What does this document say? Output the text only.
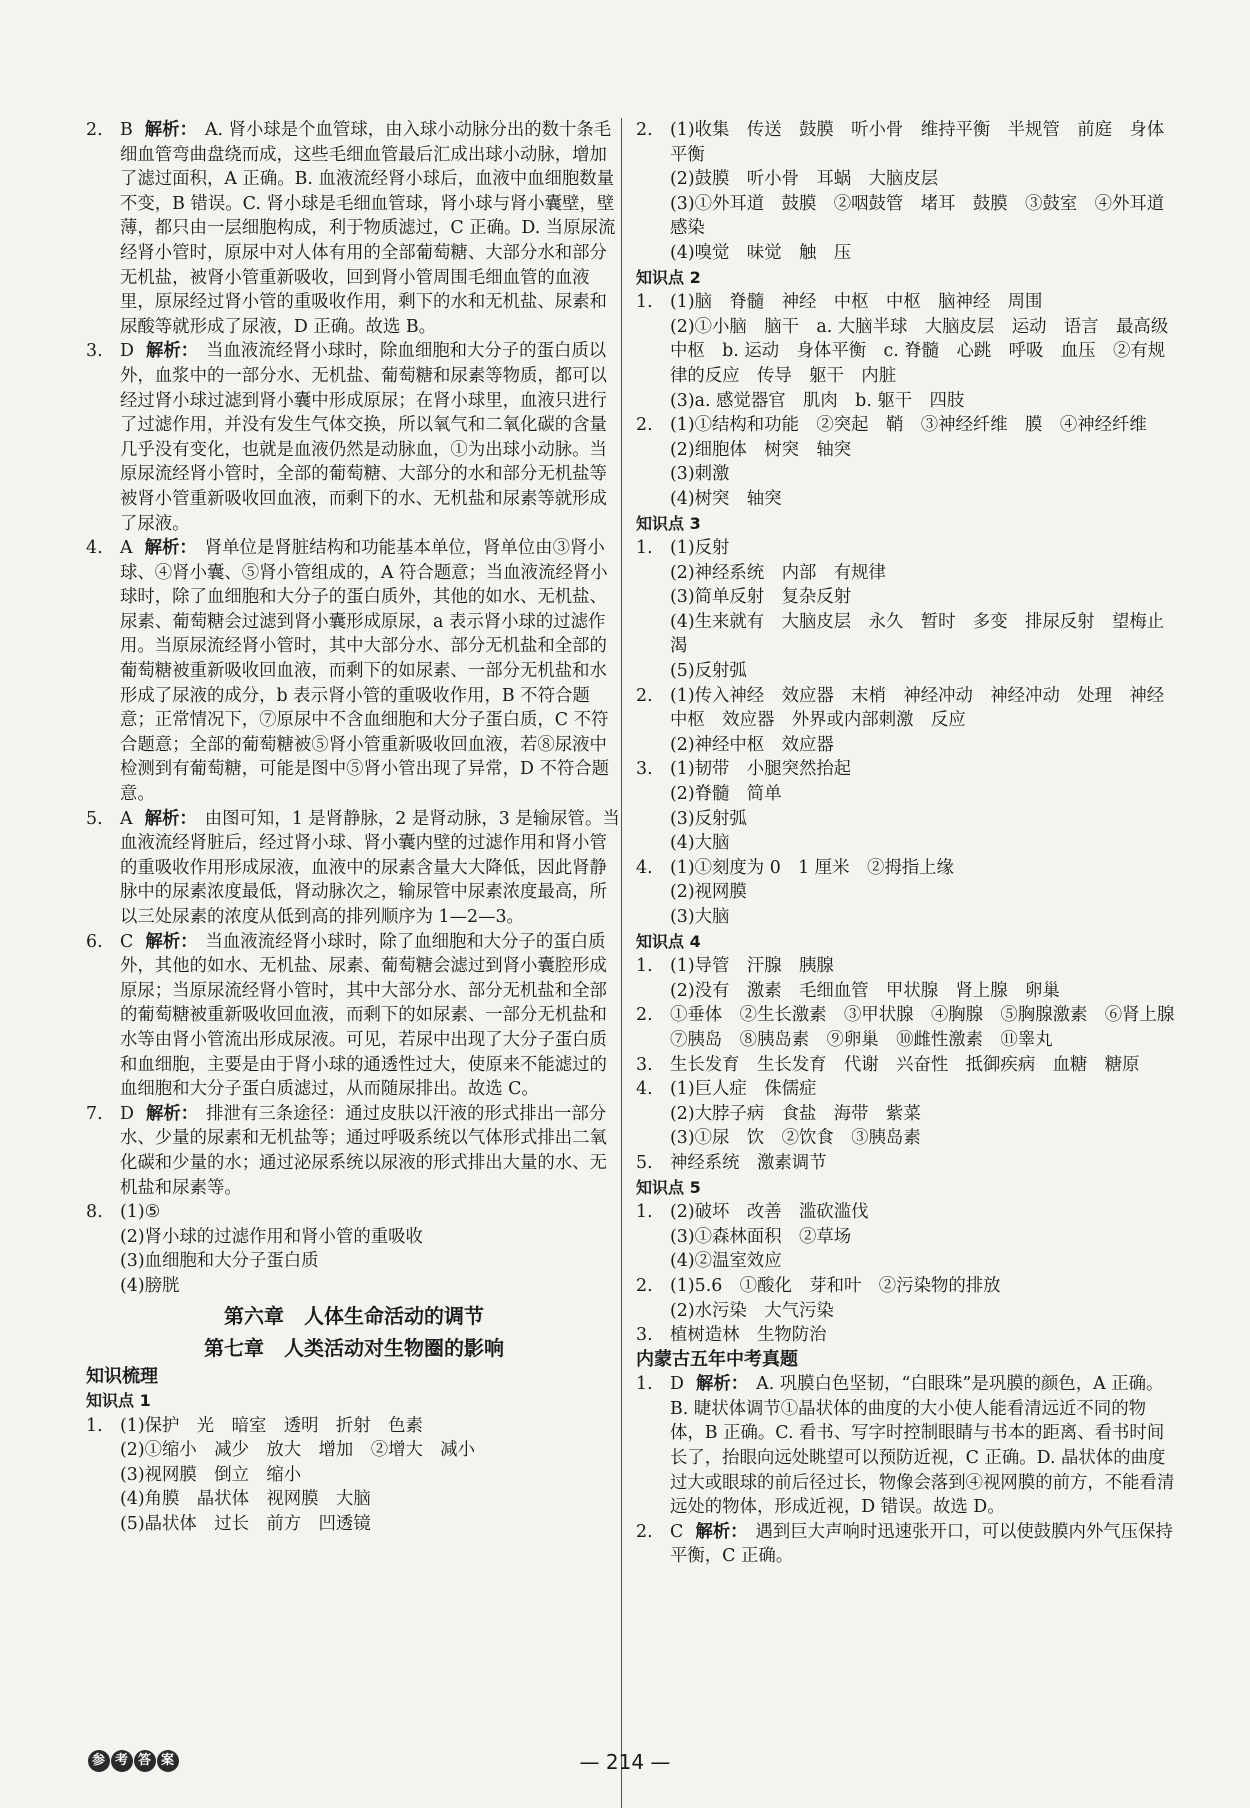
2. B 解析： A. 肾小球是个血管球，由入球小动脉分出的数十条毛细血管弯曲盘绕而成，这些毛细血管最后汇成出球小动脉，增加了滤过面积，A 正确。B. 血液流经肾小球后，血液中血细胞数量不变，B 错误。C. 肾小球是毛细血管球，肾小球与肾小囊壁，壁薄，都只由一层细胞构成，利于物质滤过，C 正确。D. 当原尿流经肾小管时，原尿中对人体有用的全部葡萄糖、大部分水和部分无机盐，被肾小管重新吸收，回到肾小管周围毛细血管的血液里，原尿经过肾小管的重吸收作用，剩下的水和无机盐、尿素和尿酸等就形成了尿液，D 正确。故选 B。

3. D 解析： 当血液流经肾小球时，除血细胞和大分子的蛋白质以外，血浆中的一部分水、无机盐、葡萄糖和尿素等物质，都可以经过肾小球过滤到肾小囊中形成原尿；在肾小球里，血液只进行了过滤作用，并没有发生气体交换，所以氧气和二氧化碳的含量几乎没有变化，也就是血液仍然是动脉血，①为出球小动脉。当原尿流经肾小管时，全部的葡萄糖、大部分的水和部分无机盐等被肾小管重新吸收回血液，而剩下的水、无机盐和尿素等就形成了尿液。

4. A 解析： 肾单位是肾脏结构和功能基本单位，肾单位由③肾小球、④肾小囊、⑤肾小管组成的，A 符合题意；当血液流经肾小球时，除了血细胞和大分子的蛋白质外，其他的如水、无机盐、尿素、葡萄糖会过滤到肾小囊形成原尿，a 表示肾小球的过滤作用。当原尿流经肾小管时，其中大部分水、部分无机盐和全部的葡萄糖被重新吸收回血液，而剩下的如尿素、一部分无机盐和水形成了尿液的成分，b 表示肾小管的重吸收作用，B 不符合题意；正常情况下，⑦原尿中不含血细胞和大分子蛋白质，C 不符合题意；全部的葡萄糖被⑤肾小管重新吸收回血液，若⑧尿液中检测到有葡萄糖，可能是图中⑤肾小管出现了异常，D 不符合题意。

5. A 解析： 由图可知，1 是肾静脉，2 是肾动脉，3 是输尿管。当血液流经肾脏后，经过肾小球、肾小囊内壁的过滤作用和肾小管的重吸收作用形成尿液，血液中的尿素含量大大降低，因此肾静脉中的尿素浓度最低，肾动脉次之，输尿管中尿素浓度最高，所以三处尿素的浓度从低到高的排列顺序为 1—2—3。

6. C 解析： 当血液流经肾小球时，除了血细胞和大分子的蛋白质外，其他的如水、无机盐、尿素、葡萄糖会滤过到肾小囊腔形成原尿；当原尿流经肾小管时，其中大部分水、部分无机盐和全部的葡萄糖被重新吸收回血液，而剩下的如尿素、一部分无机盐和水等由肾小管流出形成尿液。可见，若尿中出现了大分子蛋白质和血细胞，主要是由于肾小球的通透性过大，使原来不能滤过的血细胞和大分子蛋白质滤过，从而随尿排出。故选 C。

7. D 解析： 排泄有三条途径：通过皮肤以汗液的形式排出一部分水、少量的尿素和无机盐等；通过呼吸系统以气体形式排出二氧化碳和少量的水；通过泌尿系统以尿液的形式排出大量的水、无机盐和尿素等。

8. (1)⑤
(2)肾小球的过滤作用和肾小管的重吸收
(3)血细胞和大分子蛋白质
(4)膀胱
第六章　人体生命活动的调节
第七章　人类活动对生物圈的影响

知识梳理

知识点 1

1. (1)保护　光　暗室　透明　折射　色素
(2)①缩小　减少　放大　增加　②增大　减小
(3)视网膜　倒立　缩小
(4)角膜　晶状体　视网膜　大脑
(5)晶状体　过长　前方　凹透镜
2. (1)收集　传送　鼓膜　听小骨　维持平衡　半规管　前庭　身体平衡
(2)鼓膜　听小骨　耳蜗　大脑皮层
(3)①外耳道　鼓膜　②咽鼓管　堵耳　鼓膜　③鼓室　④外耳道感染
(4)嗅觉　味觉　触　压

知识点 2

1. (1)脑　脊髓　神经　中枢　中枢　脑神经　周围
(2)①小脑　脑干　a. 大脑半球　大脑皮层　运动　语言　最高级中枢　b. 运动　身体平衡　c. 脊髓　心跳　呼吸　血压　②有规律的反应　传导　躯干　内脏
(3)a. 感觉器官　肌肉　b. 躯干　四肢
2. (1)①结构和功能　②突起　鞘　③神经纤维　膜　④神经纤维
(2)细胞体　树突　轴突
(3)刺激
(4)树突　轴突

知识点 3

1. (1)反射
(2)神经系统　内部　有规律
(3)简单反射　复杂反射
(4)生来就有　大脑皮层　永久　暂时　多变　排尿反射　望梅止渴
(5)反射弧
2. (1)传入神经　效应器　末梢　神经冲动　神经冲动　处理　神经中枢　效应器　外界或内部刺激　反应
(2)神经中枢　效应器
3. (1)韧带　小腿突然抬起
(2)脊髓　简单
(3)反射弧
(4)大脑
4. (1)①刻度为 0　1 厘米　②拇指上缘
(2)视网膜
(3)大脑

知识点 4

1. (1)导管　汗腺　胰腺
(2)没有　激素　毛细血管　甲状腺　肾上腺　卵巢
2. ①垂体　②生长激素　③甲状腺　④胸腺　⑤胸腺激素　⑥肾上腺　⑦胰岛　⑧胰岛素　⑨卵巢　⑩雌性激素　⑪睾丸
3. 生长发育　生长发育　代谢　兴奋性　抵御疾病　血糖　糖原
4. (1)巨人症　侏儒症
(2)大脖子病　食盐　海带　紫菜
(3)①尿　饮　②饮食　③胰岛素
5. 神经系统　激素调节

知识点 5

1. (2)破坏　改善　滥砍滥伐
(3)①森林面积　②草场
(4)②温室效应
2. (1)5.6　①酸化　芽和叶　②污染物的排放
(2)水污染　大气污染
3. 植树造林　生物防治

内蒙古五年中考真题

1. D 解析： A. 巩膜白色坚韧，“白眼珠”是巩膜的颜色，A 正确。B. 睫状体调节①晶状体的曲度的大小使人能看清远近不同的物体，B 正确。C. 看书、写字时控制眼睛与书本的距离、看书时间长了，抬眼向远处眺望可以预防近视，C 正确。D. 晶状体的曲度过大或眼球的前后径过长，物像会落到④视网膜的前方，不能看清远处的物体，形成近视，D 错误。故选 D。

2. C 解析： 遇到巨大声响时迅速张开口，可以使鼓膜内外气压保持平衡，C 正确。

参 考 答 案	— 214 —
